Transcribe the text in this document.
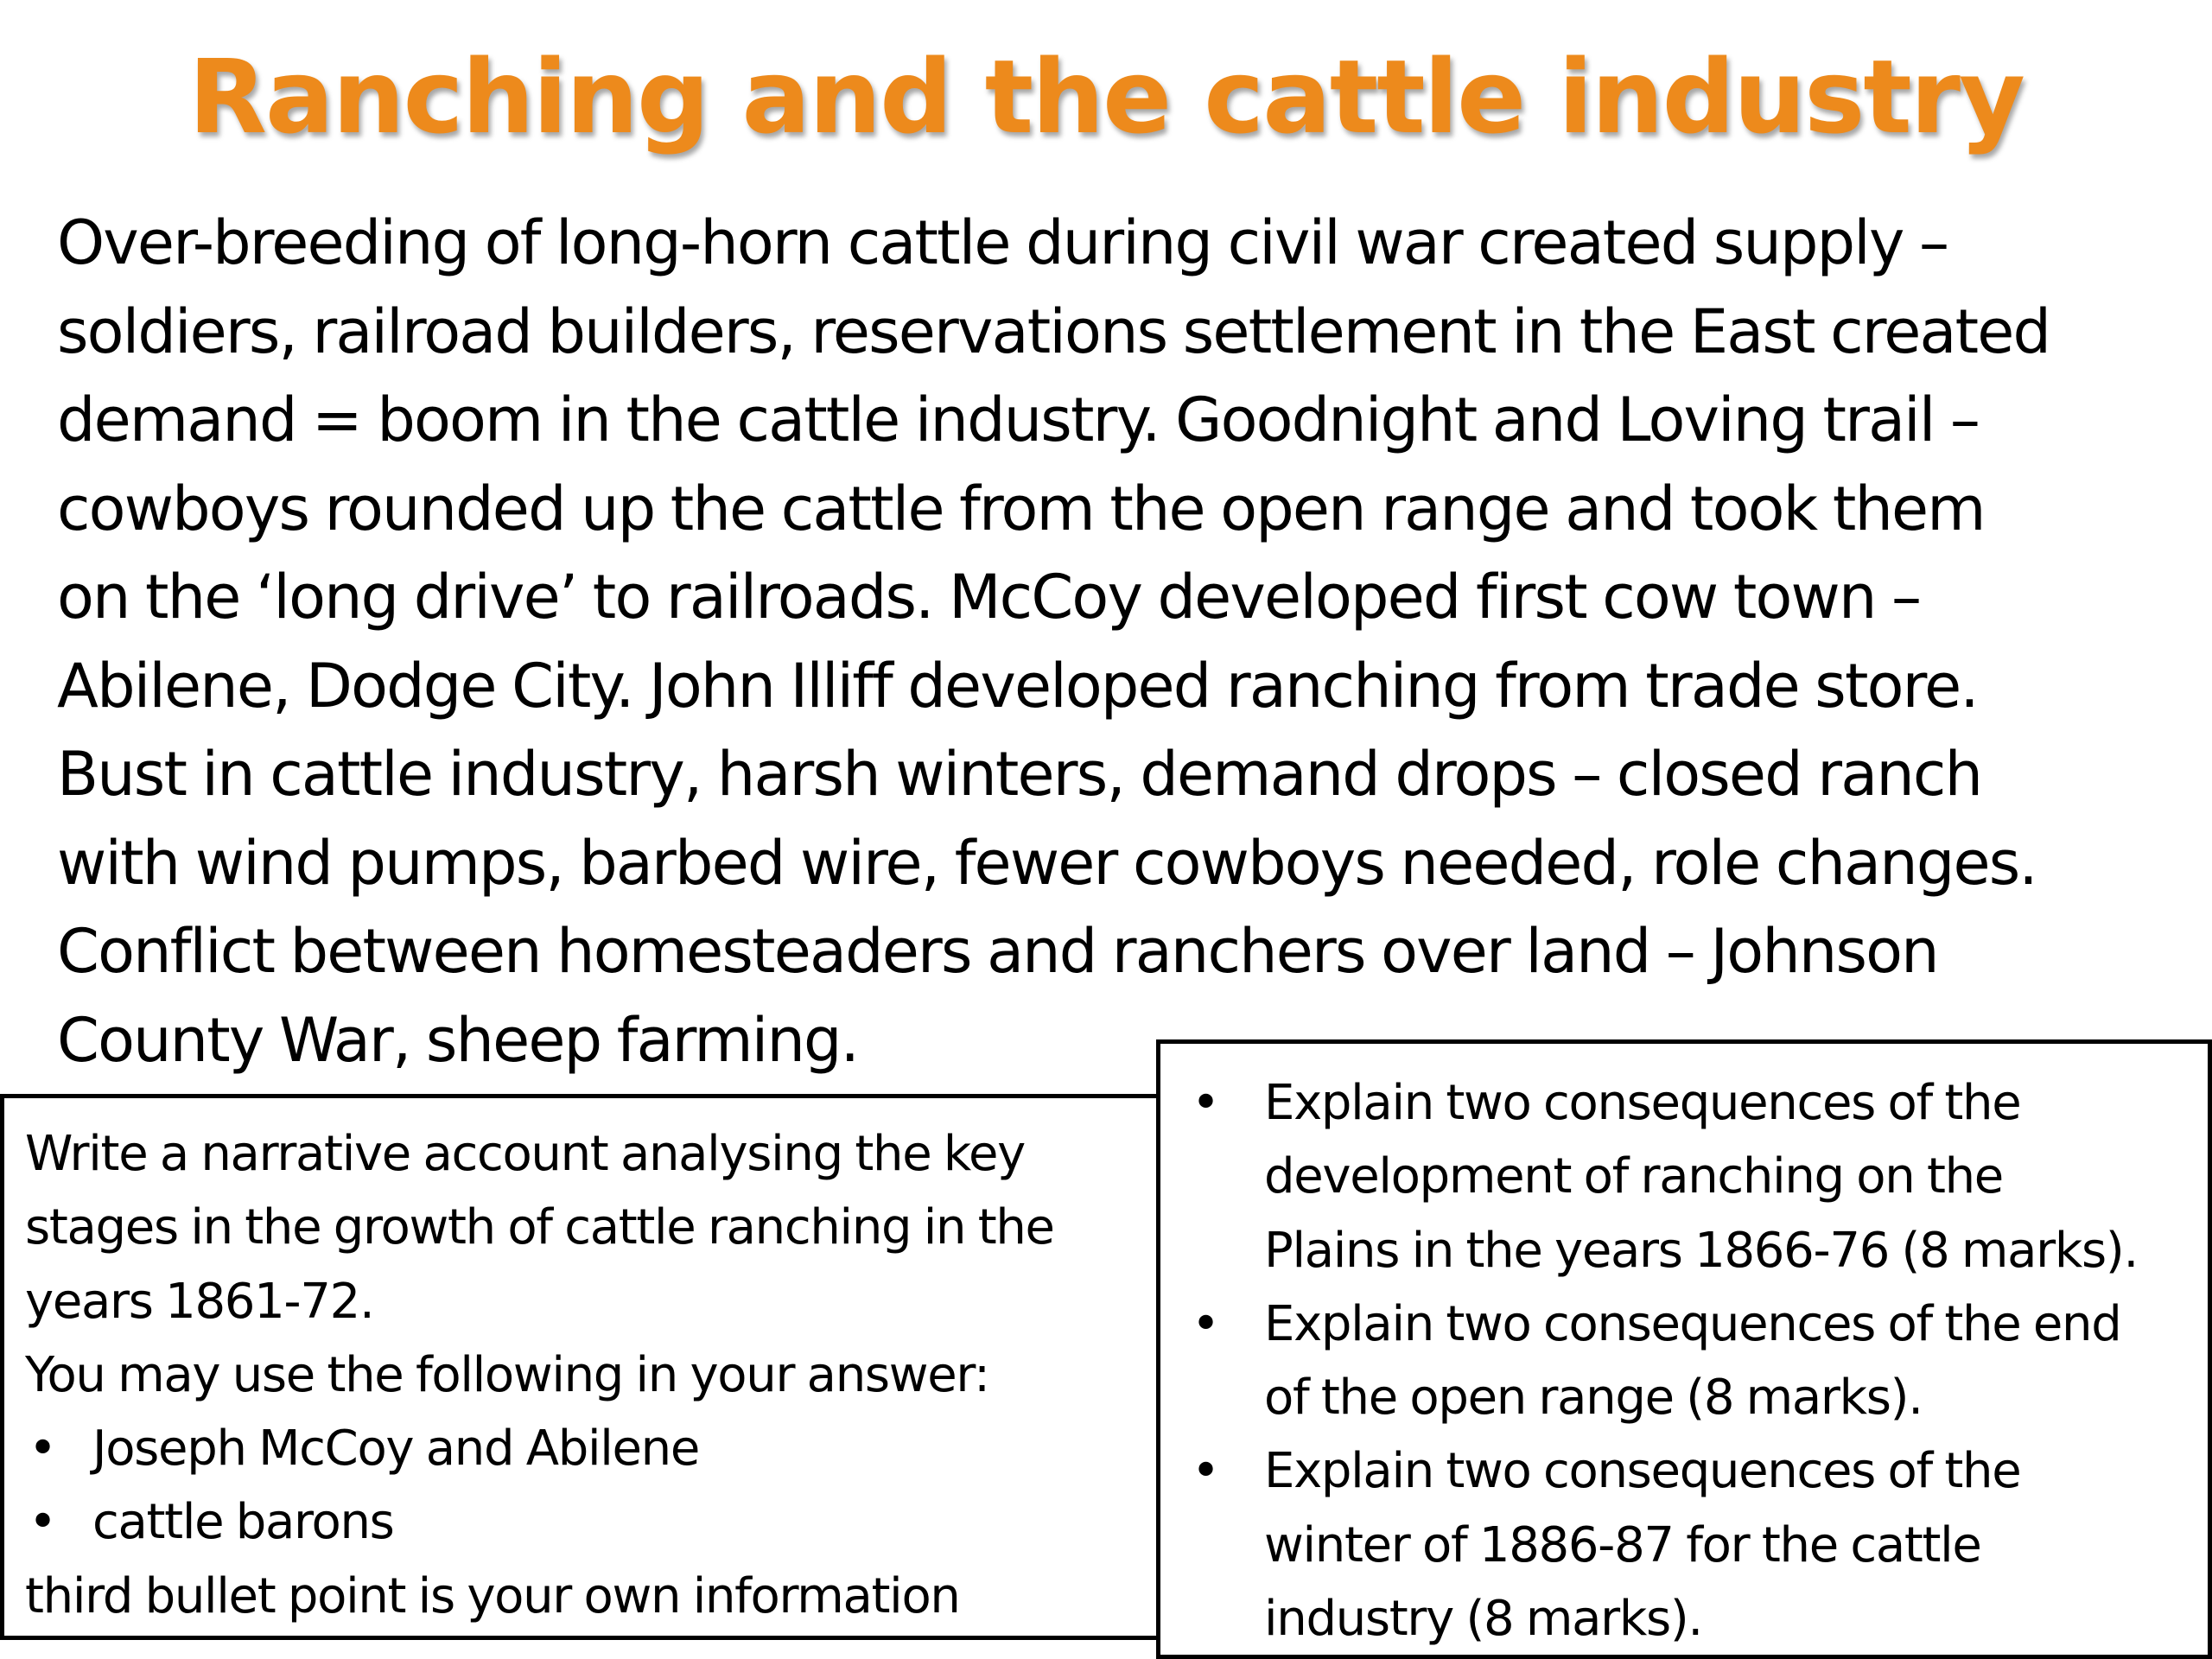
Ranching and the cattle industry
Over-breeding of long-horn cattle during civil war created supply –
soldiers, railroad builders, reservations settlement in the East created
demand = boom in the cattle industry. Goodnight and Loving trail –
cowboys rounded up the cattle from the open range and took them
on the ‘long drive’ to railroads. McCoy developed first cow town –
Abilene, Dodge City. John Illiff developed ranching from trade store.
Bust in cattle industry, harsh winters, demand drops – closed ranch
with wind pumps, barbed wire, fewer cowboys needed, role changes.
Conflict between homesteaders and ranchers over land – Johnson
County War, sheep farming.
Write a narrative account analysing the key
stages in the growth of cattle ranching in the
years 1861-72.
You may use the following in your answer:
• Joseph McCoy and Abilene
• cattle barons
third bullet point is your own information
• Explain two consequences of the
development of ranching on the
Plains in the years 1866-76 (8 marks).
• Explain two consequences of the end
of the open range (8 marks).
• Explain two consequences of the
winter of 1886-87 for the cattle
industry (8 marks).
